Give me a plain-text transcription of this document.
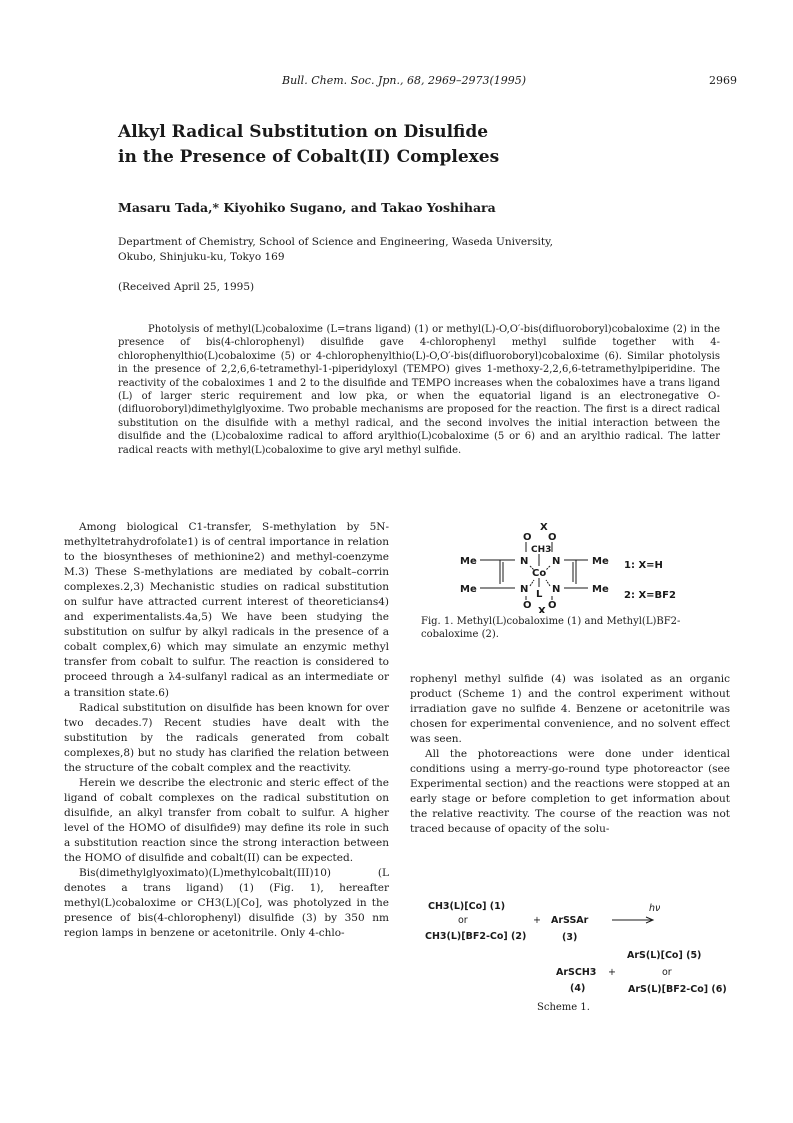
Bull. Chem. Soc. Jpn., 68, 2969–2973(1995)	2969
Alkyl Radical Substitution on Disulfide
in the Presence of Cobalt(II) Complexes
Masaru Tada,* Kiyohiko Sugano, and Takao Yoshihara
Department of Chemistry, School of Science and Engineering, Waseda University,
Okubo, Shinjuku-ku, Tokyo 169
(Received April 25, 1995)
Photolysis of methyl(L)cobaloxime (L=trans ligand) (1) or methyl(L)-O,O′-bis(difluoroboryl)cobaloxime (2) in the presence of bis(4-chlorophenyl) disulfide gave 4-chlorophenyl methyl sulfide together with 4-chlorophenylthio(L)cobaloxime (5) or 4-chlorophenylthio(L)-O,O′-bis(difluoroboryl)cobaloxime (6). Similar photolysis in the presence of 2,2,6,6-tetramethyl-1-piperidyloxyl (TEMPO) gives 1-methoxy-2,2,6,6-tetramethylpiperidine. The reactivity of the cobaloximes 1 and 2 to the disulfide and TEMPO increases when the cobaloximes have a trans ligand (L) of larger steric requirement and low pka, or when the equatorial ligand is an electronegative O-(difluoroboryl)dimethylglyoxime. Two probable mechanisms are proposed for the reaction. The first is a direct radical substitution on the disulfide with a methyl radical, and the second involves the initial interaction between the disulfide and the (L)cobaloxime radical to afford arylthio(L)cobaloxime (5 or 6) and an arylthio radical. The latter radical reacts with methyl(L)cobaloxime to give aryl methyl sulfide.

Among biological C1-transfer, S-methylation by 5N-methyltetrahydrofolate1) is of central importance in relation to the biosyntheses of methionine2) and methyl-coenzyme M.3) These S-methylations are mediated by cobalt–corrin complexes.2,3) Mechanistic studies on radical substitution on sulfur have attracted current interest of theoreticians4) and experimentalists.4a,5) We have been studying the substitution on sulfur by alkyl radicals in the presence of a cobalt complex,6) which may simulate an enzymic methyl transfer from cobalt to sulfur. The reaction is considered to proceed through a λ4-sulfanyl radical as an intermediate or a transition state.6)

Radical substitution on disulfide has been known for over two decades.7) Recent studies have dealt with the substitution by the radicals generated from cobalt complexes,8) but no study has clarified the relation between the structure of the cobalt complex and the reactivity.

Herein we describe the electronic and steric effect of the ligand of cobalt complexes on the radical substitution on disulfide, an alkyl transfer from cobalt to sulfur. A higher level of the HOMO of disulfide9) may define its role in such a substitution reaction since the strong interaction between the HOMO of disulfide and cobalt(II) can be expected.

Bis(dimethylglyoximato)(L)methylcobalt(III)10) (L denotes a trans ligand) (1) (Fig. 1), hereafter methyl(L)cobaloxime or CH3(L)[Co], was photolyzed in the presence of bis(4-chlorophenyl) disulfide (3) by 350 nm region lamps in benzene or acetonitrile. Only 4-chlo-

X
O O
CH3
Me	N N	Me
Co
Me	N N	Me
L
O O
X
1: X=H
2: X=BF2
Fig. 1. Methyl(L)cobaloxime (1) and Methyl(L)BF2-cobaloxime (2).

rophenyl methyl sulfide (4) was isolated as an organic product (Scheme 1) and the control experiment without irradiation gave no sulfide 4. Benzene or acetonitrile was chosen for experimental convenience, and no solvent effect was seen.

All the photoreactions were done under identical conditions using a merry-go-round type photoreactor (see Experimental section) and the reactions were stopped at an early stage or before completion to get information about the relative reactivity. The course of the reaction was not traced because of opacity of the solu-

CH3(L)[Co] (1)
or
CH3(L)[BF2-Co] (2)
+ ArSSAr
(3)
hν
ArS(L)[Co] (5)
ArSCH3
(4)
+	or
ArS(L)[BF2-Co] (6)
Scheme 1.
